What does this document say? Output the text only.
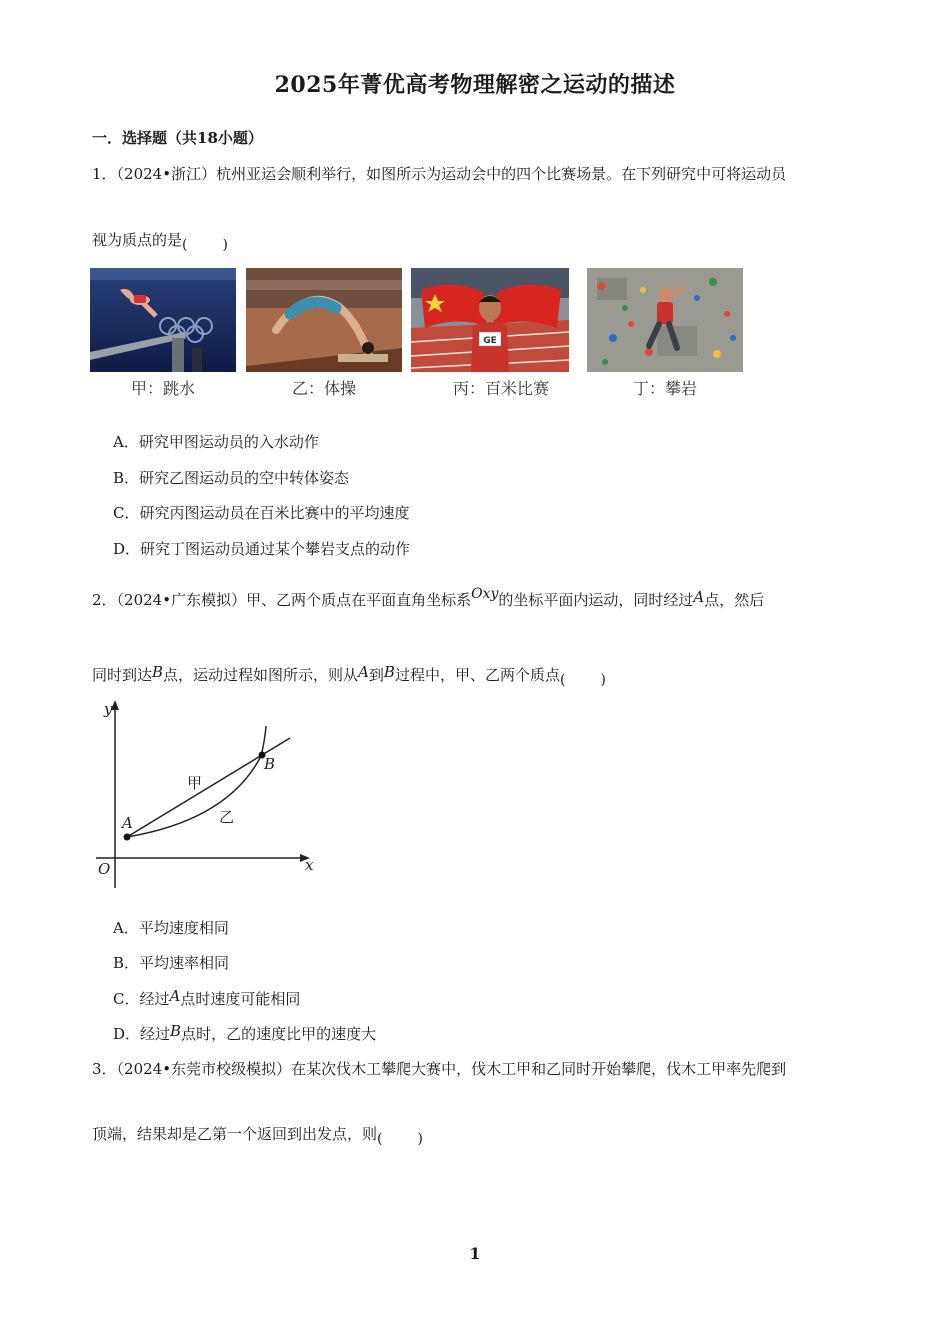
2025年菁优高考物理解密之运动的描述
一．选择题（共18小题）
1．（2024•浙江）杭州亚运会顺利举行，如图所示为运动会中的四个比赛场景。在下列研究中可将运动员
视为质点的是 (	)
GE
甲：跳水	乙：体操	丙：百米比赛	丁：攀岩
A．研究甲图运动员的入水动作
B．研究乙图运动员的空中转体姿态
C．研究丙图运动员在百米比赛中的平均速度
D．研究丁图运动员通过某个攀岩支点的动作
2．（2024•广东模拟）甲、乙两个质点在平面直角坐标系Oxy的坐标平面内运动，同时经过A点，然后
同时到达B点，运动过程如图所示，则从A到B过程中，甲、乙两个质点 (	)
y
x
O
A
B
甲
乙
A．平均速度相同
B．平均速率相同
C．经过A点时速度可能相同
D．经过B点时，乙的速度比甲的速度大
3．（2024•东莞市校级模拟）在某次伐木工攀爬大赛中，伐木工甲和乙同时开始攀爬，伐木工甲率先爬到
顶端，结果却是乙第一个返回到出发点，则 (	)
1
